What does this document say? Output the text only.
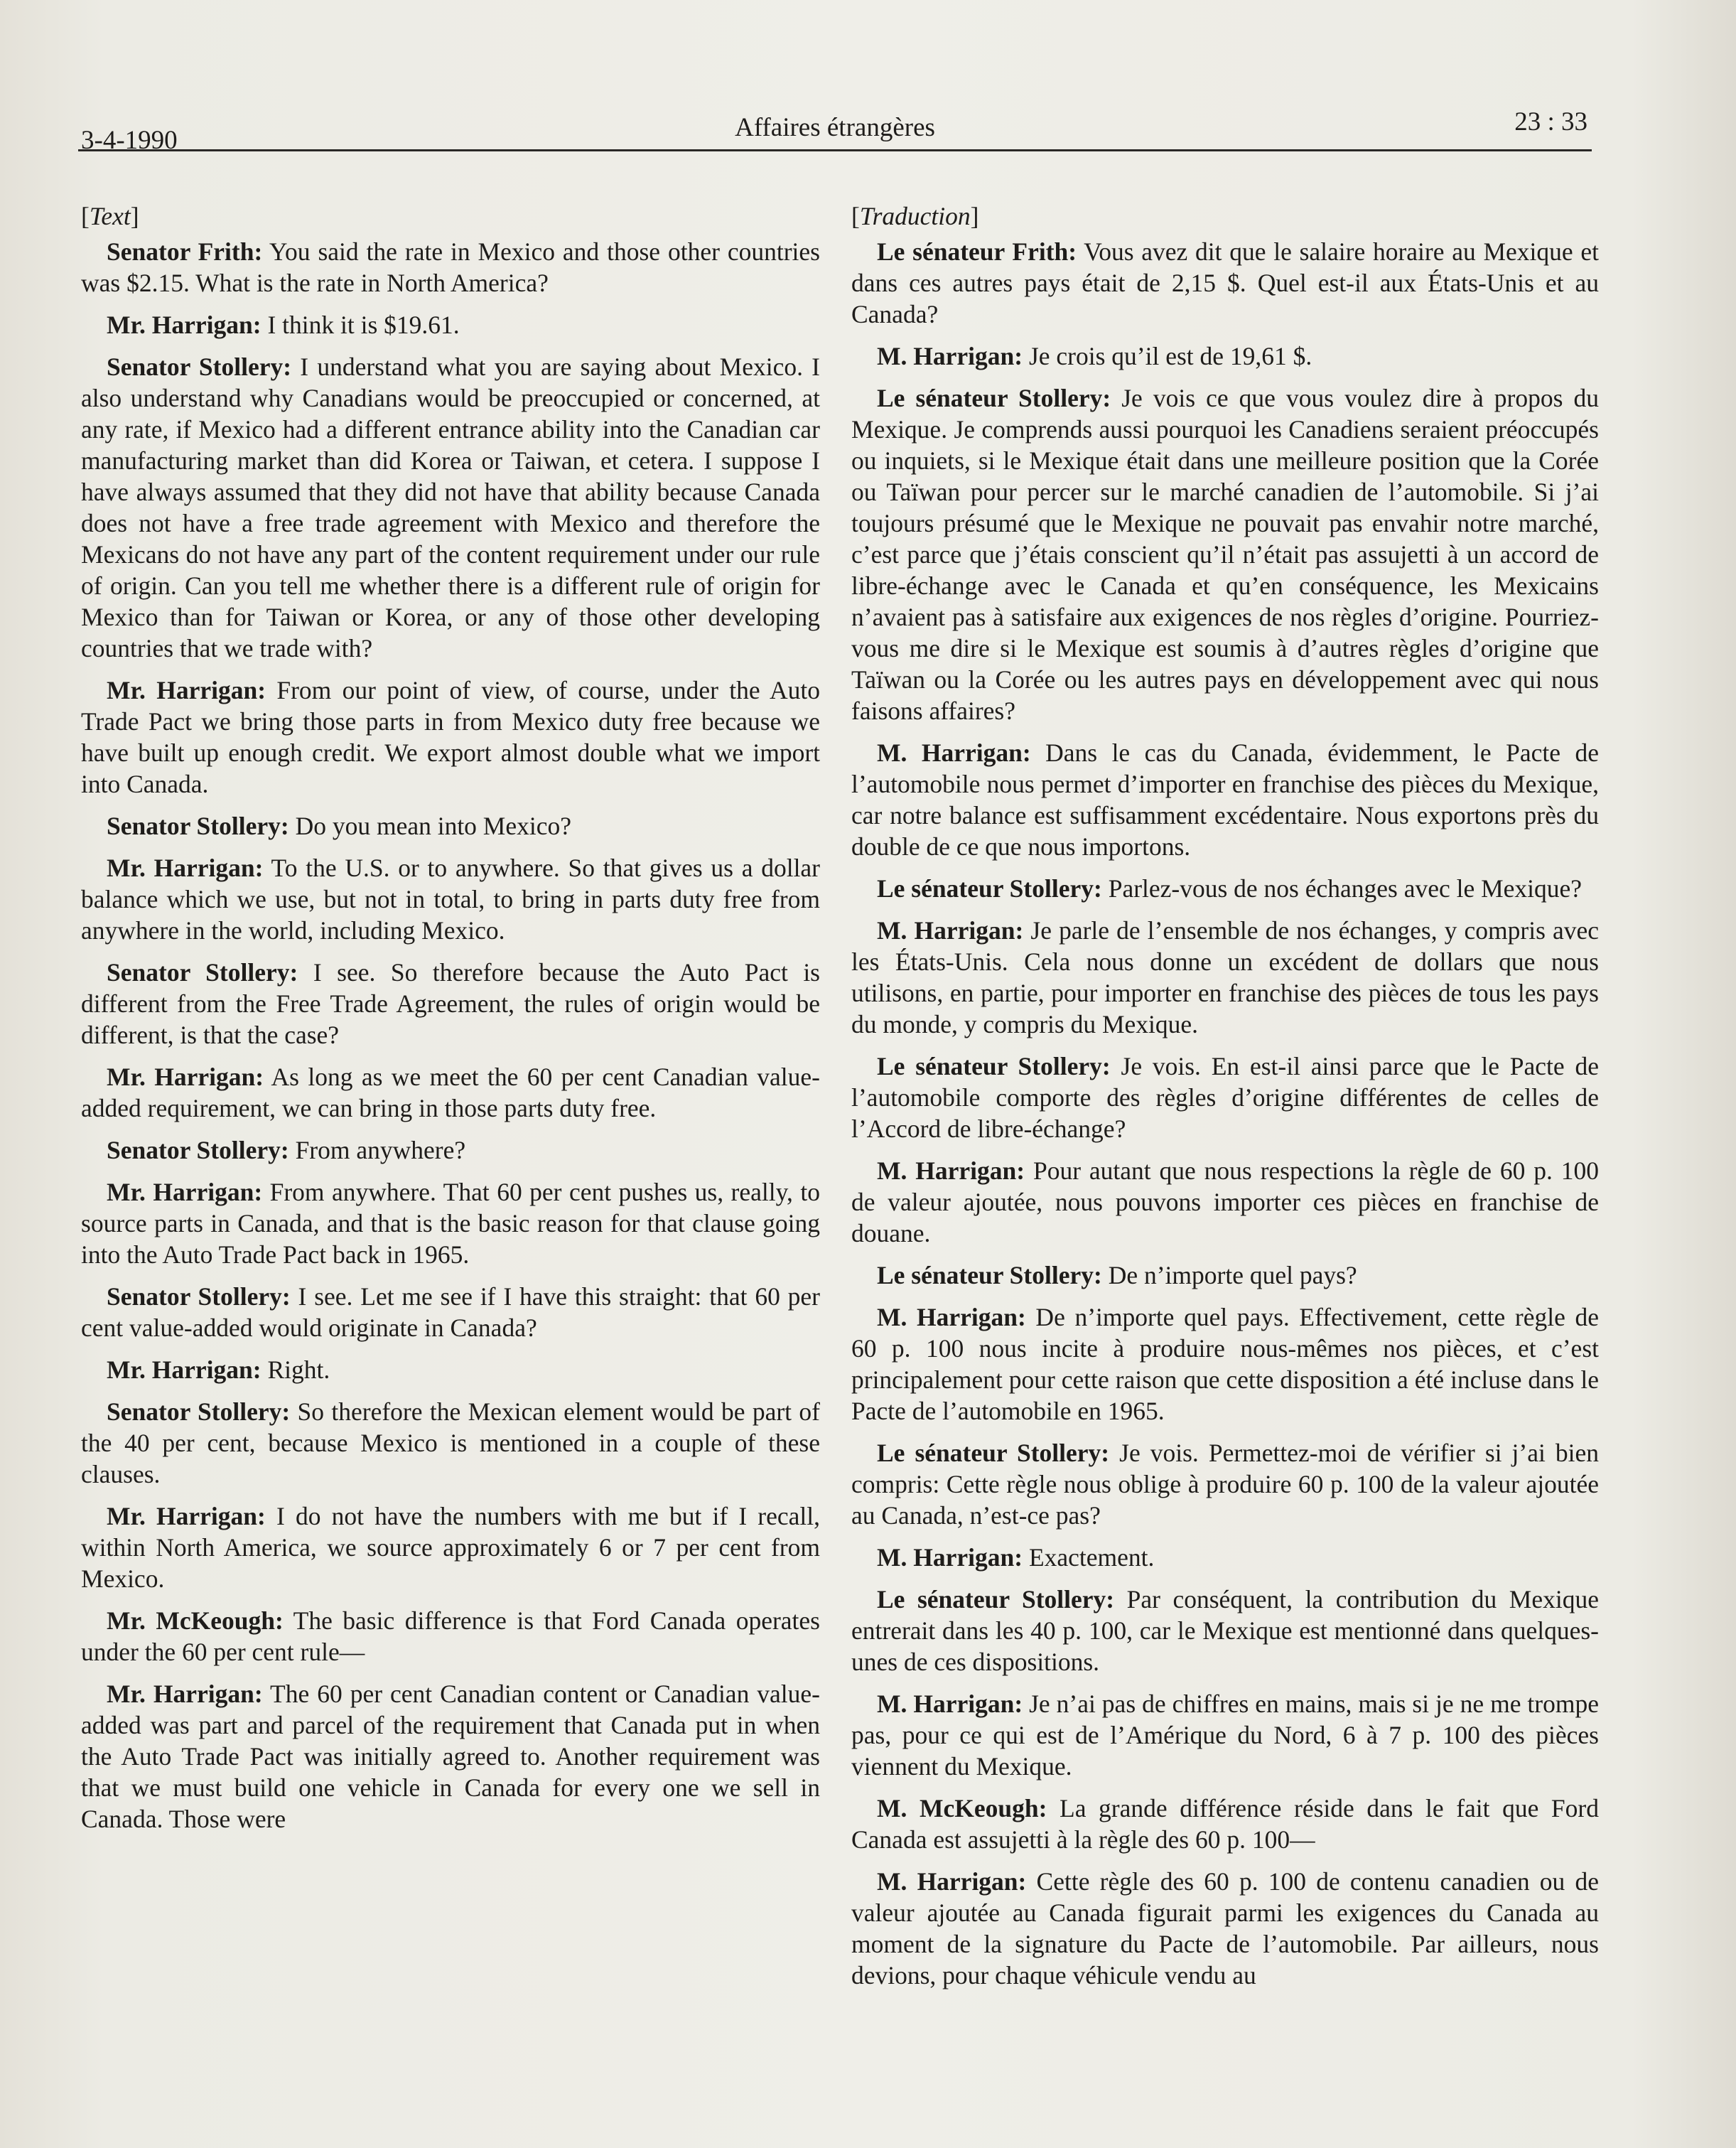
3-4-1990	Affaires étrangères	23 : 33

[Text]

Senator Frith: You said the rate in Mexico and those other countries was $2.15. What is the rate in North America?

Mr. Harrigan: I think it is $19.61.

Senator Stollery: I understand what you are saying about Mexico. I also understand why Canadians would be preoccupied or concerned, at any rate, if Mexico had a different entrance ability into the Canadian car manufacturing market than did Korea or Taiwan, et cetera. I suppose I have always assumed that they did not have that ability because Canada does not have a free trade agreement with Mexico and therefore the Mexicans do not have any part of the content requirement under our rule of origin. Can you tell me whether there is a different rule of origin for Mexico than for Taiwan or Korea, or any of those other developing countries that we trade with?

Mr. Harrigan: From our point of view, of course, under the Auto Trade Pact we bring those parts in from Mexico duty free because we have built up enough credit. We export almost double what we import into Canada.

Senator Stollery: Do you mean into Mexico?

Mr. Harrigan: To the U.S. or to anywhere. So that gives us a dollar balance which we use, but not in total, to bring in parts duty free from anywhere in the world, including Mexico.

Senator Stollery: I see. So therefore because the Auto Pact is different from the Free Trade Agreement, the rules of origin would be different, is that the case?

Mr. Harrigan: As long as we meet the 60 per cent Canadian value-added requirement, we can bring in those parts duty free.

Senator Stollery: From anywhere?

Mr. Harrigan: From anywhere. That 60 per cent pushes us, really, to source parts in Canada, and that is the basic reason for that clause going into the Auto Trade Pact back in 1965.

Senator Stollery: I see. Let me see if I have this straight: that 60 per cent value-added would originate in Canada?

Mr. Harrigan: Right.

Senator Stollery: So therefore the Mexican element would be part of the 40 per cent, because Mexico is mentioned in a couple of these clauses.

Mr. Harrigan: I do not have the numbers with me but if I recall, within North America, we source approximately 6 or 7 per cent from Mexico.

Mr. McKeough: The basic difference is that Ford Canada operates under the 60 per cent rule—

Mr. Harrigan: The 60 per cent Canadian content or Canadian value-added was part and parcel of the requirement that Canada put in when the Auto Trade Pact was initially agreed to. Another requirement was that we must build one vehicle in Canada for every one we sell in Canada. Those were

[Traduction]

Le sénateur Frith: Vous avez dit que le salaire horaire au Mexique et dans ces autres pays était de 2,15 $. Quel est-il aux États-Unis et au Canada?

M. Harrigan: Je crois qu’il est de 19,61 $.

Le sénateur Stollery: Je vois ce que vous voulez dire à propos du Mexique. Je comprends aussi pourquoi les Canadiens seraient préoccupés ou inquiets, si le Mexique était dans une meilleure position que la Corée ou Taïwan pour percer sur le marché canadien de l’automobile. Si j’ai toujours présumé que le Mexique ne pouvait pas envahir notre marché, c’est parce que j’étais conscient qu’il n’était pas assujetti à un accord de libre-échange avec le Canada et qu’en conséquence, les Mexicains n’avaient pas à satisfaire aux exigences de nos règles d’origine. Pourriez-vous me dire si le Mexique est soumis à d’autres règles d’origine que Taïwan ou la Corée ou les autres pays en développement avec qui nous faisons affaires?

M. Harrigan: Dans le cas du Canada, évidemment, le Pacte de l’automobile nous permet d’importer en franchise des pièces du Mexique, car notre balance est suffisamment excédentaire. Nous exportons près du double de ce que nous importons.

Le sénateur Stollery: Parlez-vous de nos échanges avec le Mexique?

M. Harrigan: Je parle de l’ensemble de nos échanges, y compris avec les États-Unis. Cela nous donne un excédent de dollars que nous utilisons, en partie, pour importer en franchise des pièces de tous les pays du monde, y compris du Mexique.

Le sénateur Stollery: Je vois. En est-il ainsi parce que le Pacte de l’automobile comporte des règles d’origine différentes de celles de l’Accord de libre-échange?

M. Harrigan: Pour autant que nous respections la règle de 60 p. 100 de valeur ajoutée, nous pouvons importer ces pièces en franchise de douane.

Le sénateur Stollery: De n’importe quel pays?

M. Harrigan: De n’importe quel pays. Effectivement, cette règle de 60 p. 100 nous incite à produire nous-mêmes nos pièces, et c’est principalement pour cette raison que cette disposition a été incluse dans le Pacte de l’automobile en 1965.

Le sénateur Stollery: Je vois. Permettez-moi de vérifier si j’ai bien compris: Cette règle nous oblige à produire 60 p. 100 de la valeur ajoutée au Canada, n’est-ce pas?

M. Harrigan: Exactement.

Le sénateur Stollery: Par conséquent, la contribution du Mexique entrerait dans les 40 p. 100, car le Mexique est mentionné dans quelques-unes de ces dispositions.

M. Harrigan: Je n’ai pas de chiffres en mains, mais si je ne me trompe pas, pour ce qui est de l’Amérique du Nord, 6 à 7 p. 100 des pièces viennent du Mexique.

M. McKeough: La grande différence réside dans le fait que Ford Canada est assujetti à la règle des 60 p. 100—

M. Harrigan: Cette règle des 60 p. 100 de contenu canadien ou de valeur ajoutée au Canada figurait parmi les exigences du Canada au moment de la signature du Pacte de l’automobile. Par ailleurs, nous devions, pour chaque véhicule vendu au
